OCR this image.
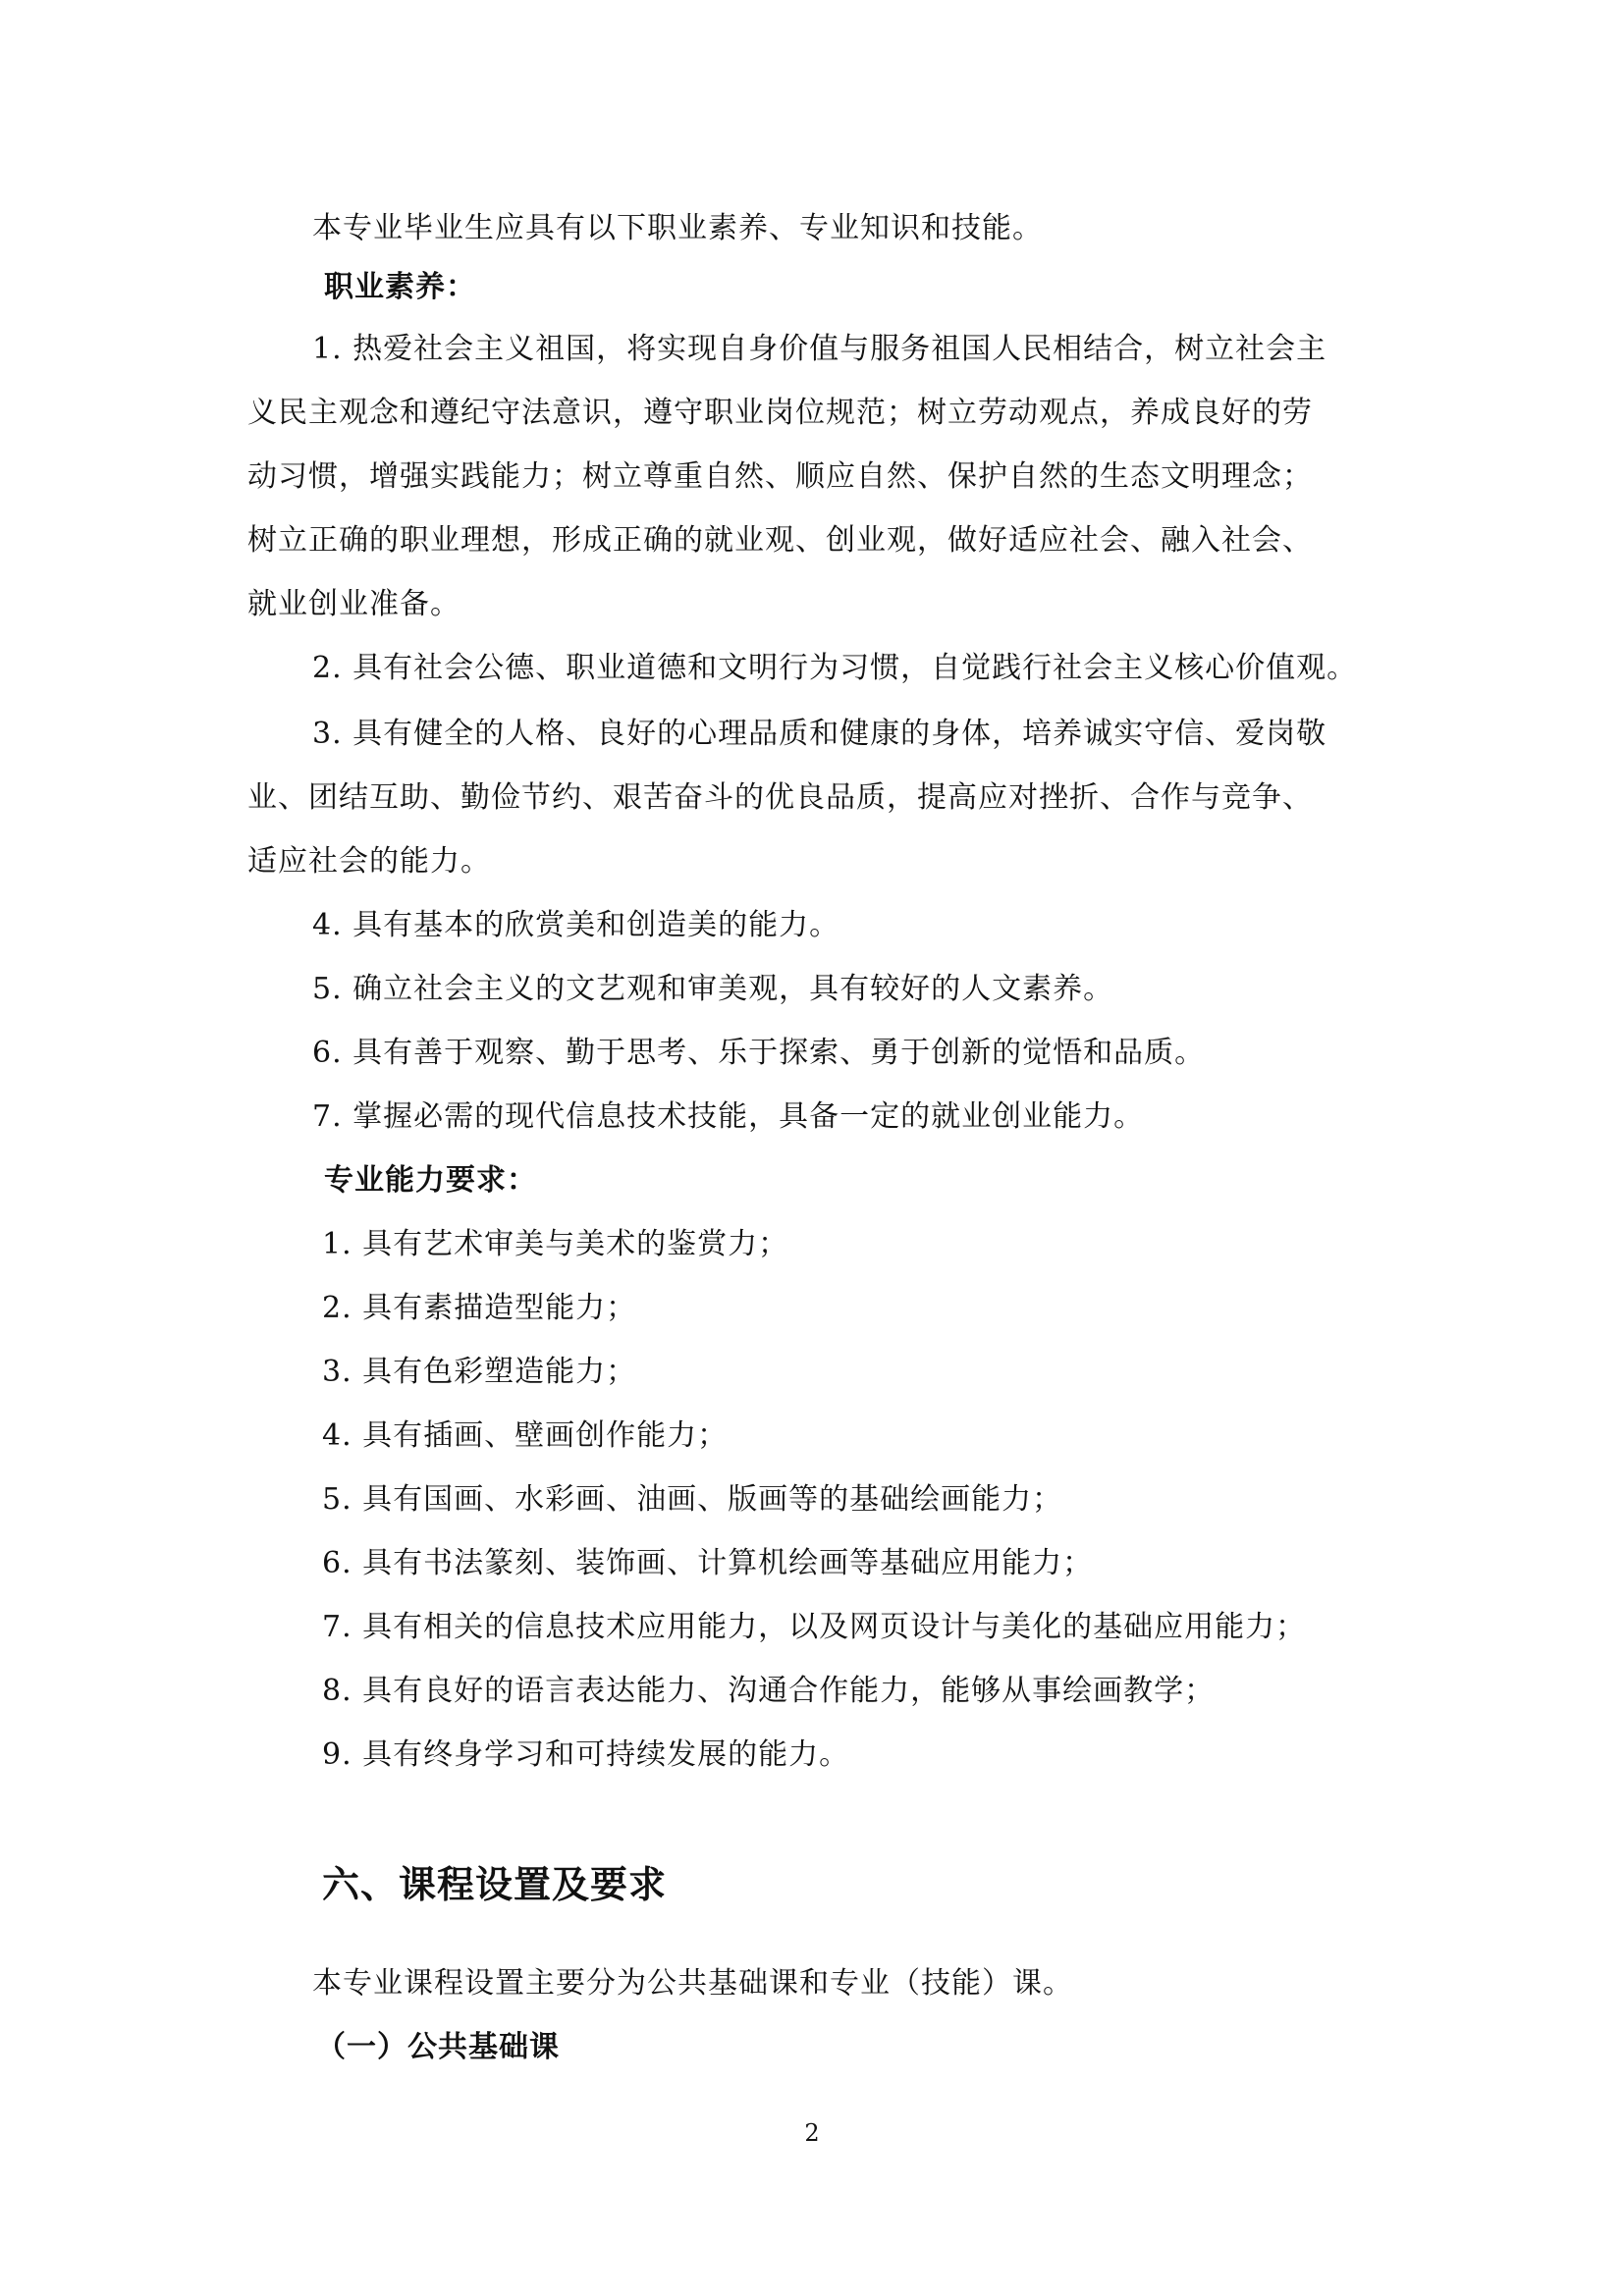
本专业毕业生应具有以下职业素养、专业知识和技能。
职业素养：
1. 热爱社会主义祖国，将实现自身价值与服务祖国人民相结合，树立社会主
义民主观念和遵纪守法意识，遵守职业岗位规范；树立劳动观点，养成良好的劳
动习惯，增强实践能力；树立尊重自然、顺应自然、保护自然的生态文明理念；
树立正确的职业理想，形成正确的就业观、创业观，做好适应社会、融入社会、
就业创业准备。
2. 具有社会公德、职业道德和文明行为习惯，自觉践行社会主义核心价值观。
3. 具有健全的人格、良好的心理品质和健康的身体，培养诚实守信、爱岗敬
业、团结互助、勤俭节约、艰苦奋斗的优良品质，提高应对挫折、合作与竞争、
适应社会的能力。
4. 具有基本的欣赏美和创造美的能力。
5. 确立社会主义的文艺观和审美观，具有较好的人文素养。
6. 具有善于观察、勤于思考、乐于探索、勇于创新的觉悟和品质。
7. 掌握必需的现代信息技术技能，具备一定的就业创业能力。
专业能力要求：
1. 具有艺术审美与美术的鉴赏力；
2. 具有素描造型能力；
3. 具有色彩塑造能力；
4. 具有插画、壁画创作能力；
5. 具有国画、水彩画、油画、版画等的基础绘画能力；
6. 具有书法篆刻、装饰画、计算机绘画等基础应用能力；
7. 具有相关的信息技术应用能力，以及网页设计与美化的基础应用能力；
8. 具有良好的语言表达能力、沟通合作能力，能够从事绘画教学；
9. 具有终身学习和可持续发展的能力。
六、课程设置及要求
本专业课程设置主要分为公共基础课和专业（技能）课。
（一）公共基础课
2
